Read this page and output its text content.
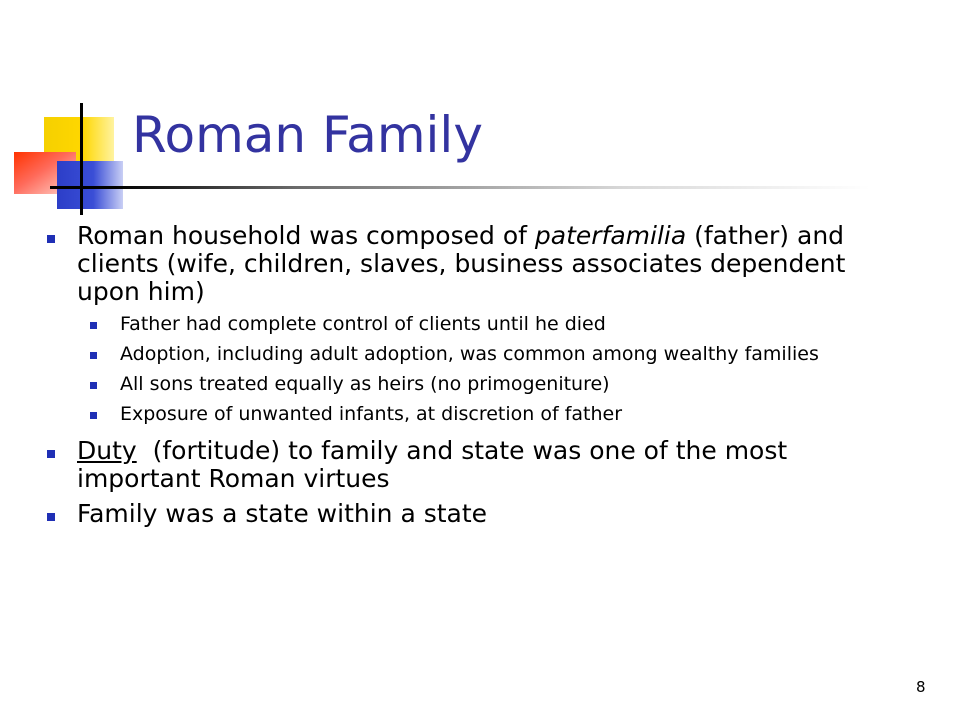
Roman Family
Roman household was composed of paterfamilia (father) and clients (wife, children, slaves, business associates dependent upon him)
Father had complete control of clients until he died
Adoption, including adult adoption, was common among wealthy families
All sons treated equally as heirs (no primogeniture)
Exposure of unwanted infants, at discretion of father
Duty  (fortitude) to family and state was one of the most important Roman virtues
Family was a state within a state
8
